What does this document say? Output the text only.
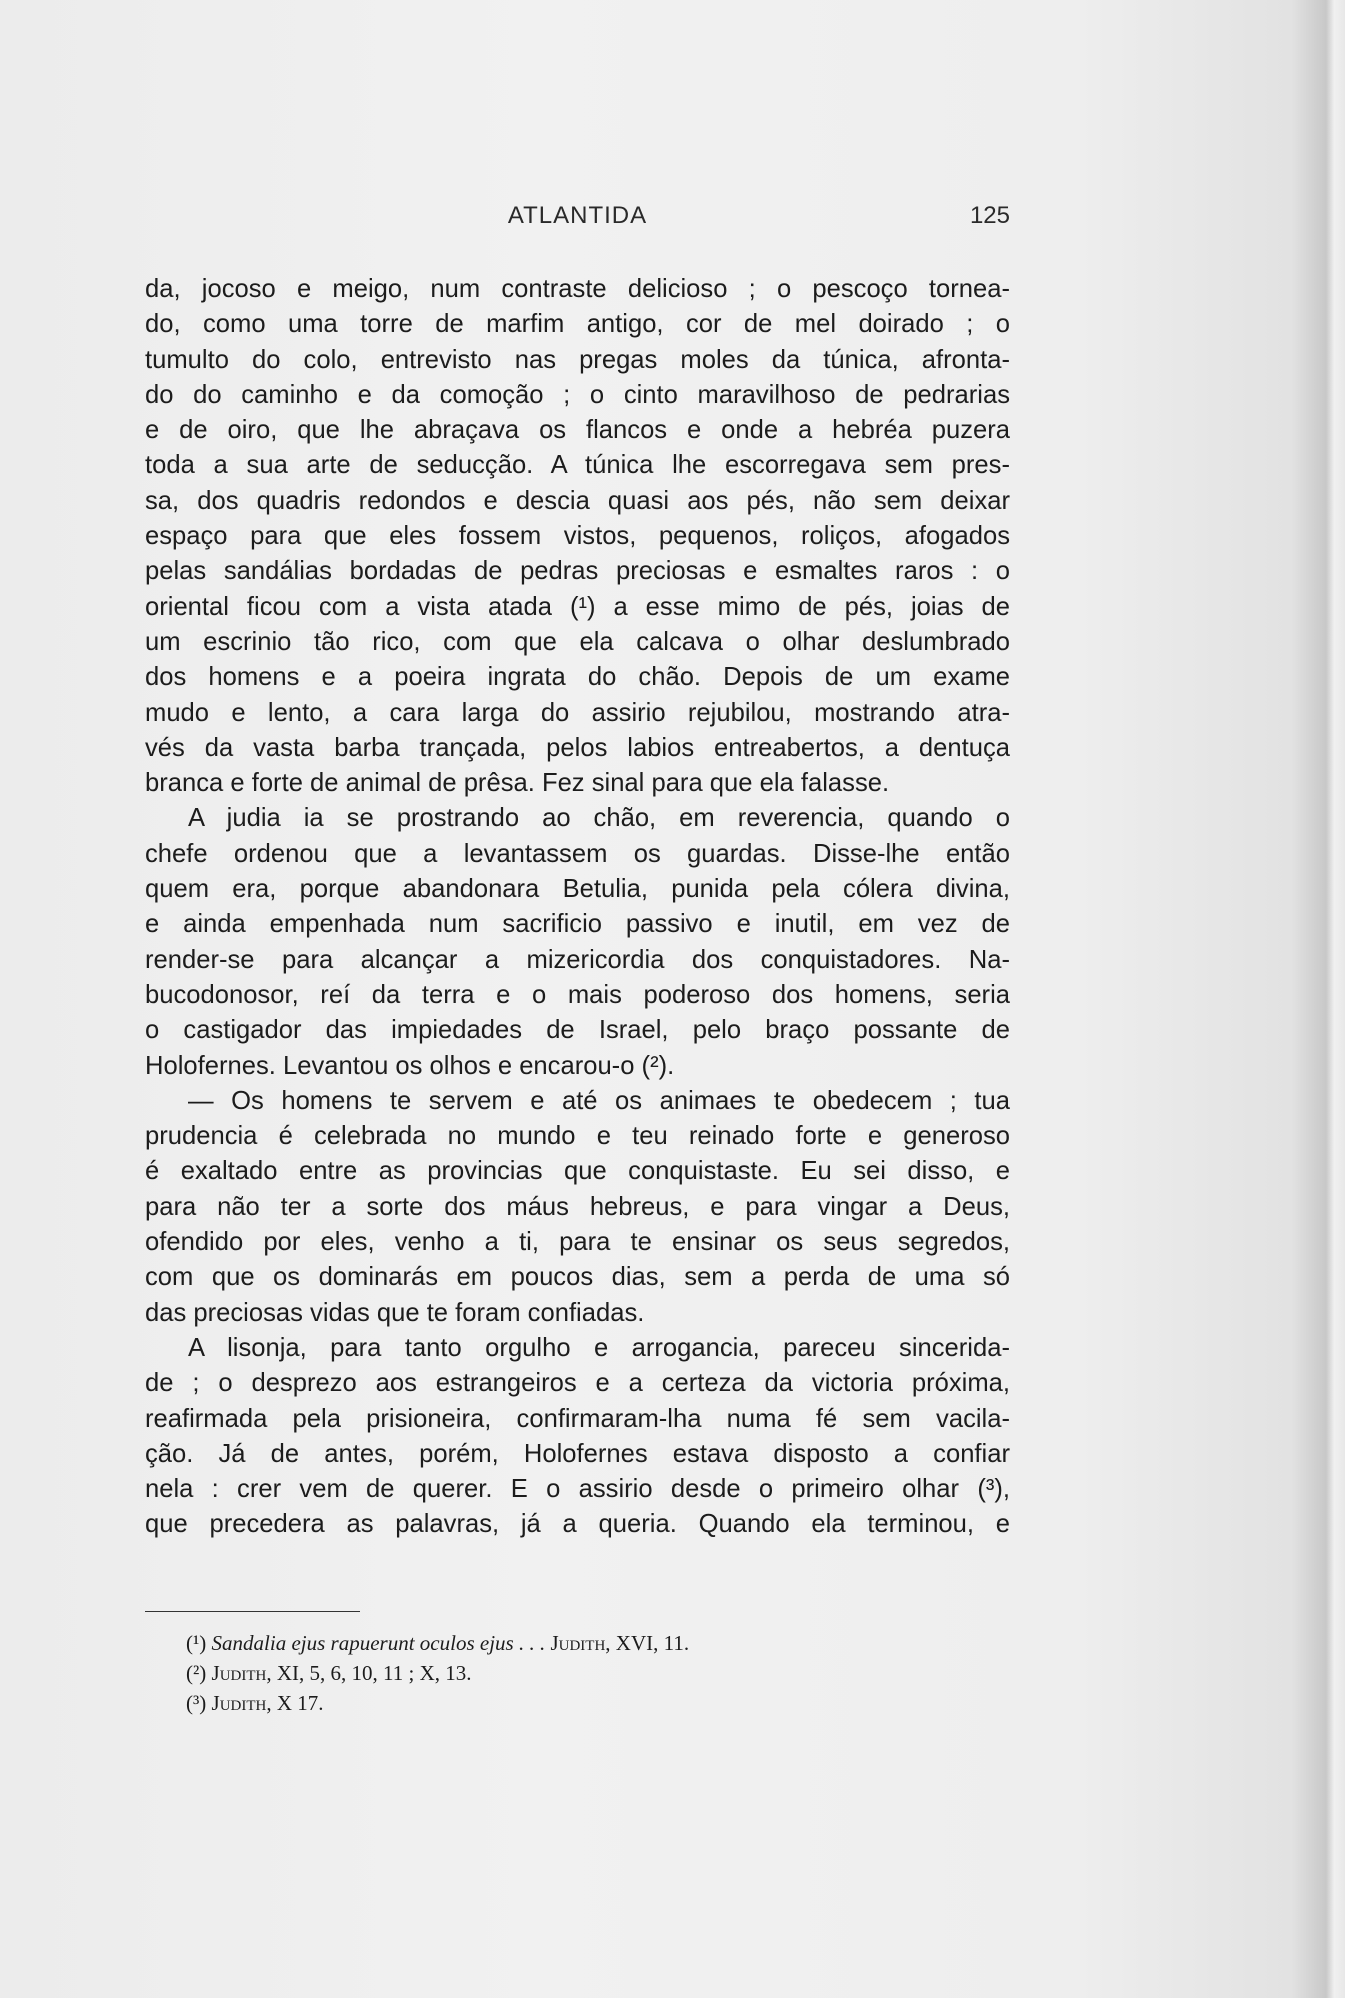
ATLANTIDA	125

da, jocoso e meigo, num contraste delicioso ; o pescoço tornea-

do, como uma torre de marfim antigo, cor de mel doirado ; o

tumulto do colo, entrevisto nas pregas moles da túnica, afronta-

do do caminho e da comoção ; o cinto maravilhoso de pedrarias

e de oiro, que lhe abraçava os flancos e onde a hebréa puzera

toda a sua arte de seducção. A túnica lhe escorregava sem pres-

sa, dos quadris redondos e descia quasi aos pés, não sem deixar

espaço para que eles fossem vistos, pequenos, roliços, afogados

pelas sandálias bordadas de pedras preciosas e esmaltes raros : o

oriental ficou com a vista atada (¹) a esse mimo de pés, joias de

um escrinio tão rico, com que ela calcava o olhar deslumbrado

dos homens e a poeira ingrata do chão. Depois de um exame

mudo e lento, a cara larga do assirio rejubilou, mostrando atra-

vés da vasta barba trançada, pelos labios entreabertos, a dentuça

branca e forte de animal de prêsa. Fez sinal para que ela falasse.

A judia ia se prostrando ao chão, em reverencia, quando o

chefe ordenou que a levantassem os guardas. Disse-lhe então

quem era, porque abandonara Betulia, punida pela cólera divina,

e ainda empenhada num sacrificio passivo e inutil, em vez de

render-se para alcançar a mizericordia dos conquistadores. Na-

bucodonosor, reí da terra e o mais poderoso dos homens, seria

o castigador das impiedades de Israel, pelo braço possante de

Holofernes. Levantou os olhos e encarou-o (²).

— Os homens te servem e até os animaes te obedecem ; tua

prudencia é celebrada no mundo e teu reinado forte e generoso

é exaltado entre as provincias que conquistaste. Eu sei disso, e

para não ter a sorte dos máus hebreus, e para vingar a Deus,

ofendido por eles, venho a ti, para te ensinar os seus segredos,

com que os dominarás em poucos dias, sem a perda de uma só

das preciosas vidas que te foram confiadas.

A lisonja, para tanto orgulho e arrogancia, pareceu sincerida-

de ; o desprezo aos estrangeiros e a certeza da victoria próxima,

reafirmada pela prisioneira, confirmaram-lha numa fé sem vacila-

ção. Já de antes, porém, Holofernes estava disposto a confiar

nela : crer vem de querer. E o assirio desde o primeiro olhar (³),

que precedera as palavras, já a queria. Quando ela terminou, e

(¹) Sandalia ejus rapuerunt oculos ejus . . . Judith, XVI, 11.
(²) Judith, XI, 5, 6, 10, 11 ; X, 13.
(³) Judith, X 17.
